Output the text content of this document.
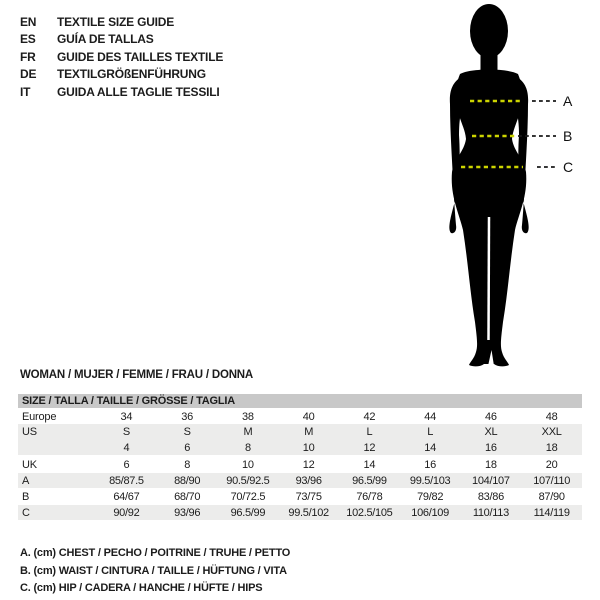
EN	TEXTILE SIZE GUIDE
ES	GUÍA DE TALLAS
FR	GUIDE DES TAILLES TEXTILE
DE	TEXTILGRÖßENFÜHRUNG
IT	GUIDA ALLE TAGLIE TESSILI
A
B
C
WOMAN / MUJER / FEMME / FRAU / DONNA
SIZE / TALLA / TAILLE / GRÖSSE / TAGLIA
Europe	34	36	38	40	42	44	46	48
US	S	S	M	M	L	L	XL	XXL
4	6	8	10	12	14	16	18
UK	6	8	10	12	14	16	18	20
A	85/87.5	88/90	90.5/92.5	93/96	96.5/99	99.5/103	104/107	107/110
B	64/67	68/70	70/72.5	73/75	76/78	79/82	83/86	87/90
C	90/92	93/96	96.5/99	99.5/102	102.5/105	106/109	110/113	114/119
A. (cm) CHEST / PECHO / POITRINE / TRUHE / PETTO
B. (cm) WAIST / CINTURA / TAILLE / HÜFTUNG / VITA
C. (cm) HIP / CADERA / HANCHE / HÜFTE / HIPS
